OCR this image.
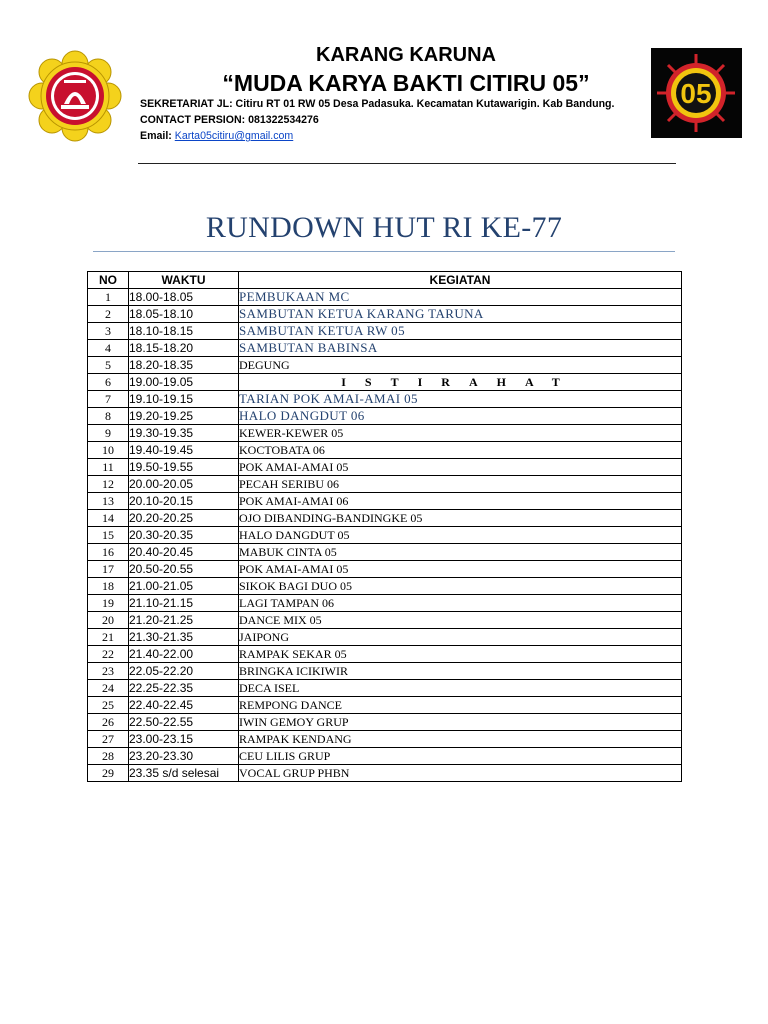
05
KARANG KARUNA
“MUDA KARYA BAKTI CITIRU 05”
SEKRETARIAT JL: Citiru RT 01 RW 05 Desa Padasuka. Kecamatan Kutawarigin. Kab Bandung.
CONTACT PERSION: 081322534276
Email: Karta05citiru@gmail.com
RUNDOWN HUT RI KE-77
NO	WAKTU	KEGIATAN
1	18.00-18.05	PEMBUKAAN MC
2	18.05-18.10	SAMBUTAN KETUA KARANG TARUNA
3	18.10-18.15	SAMBUTAN KETUA RW 05
4	18.15-18.20	SAMBUTAN BABINSA
5	18.20-18.35	DEGUNG
6	19.00-19.05	ISTIRAHAT
7	19.10-19.15	TARIAN POK AMAI-AMAI 05
8	19.20-19.25	HALO DANGDUT 06
9	19.30-19.35	KEWER-KEWER 05
10	19.40-19.45	KOCTOBATA 06
11	19.50-19.55	POK AMAI-AMAI 05
12	20.00-20.05	PECAH SERIBU 06
13	20.10-20.15	POK AMAI-AMAI 06
14	20.20-20.25	OJO DIBANDING-BANDINGKE 05
15	20.30-20.35	HALO DANGDUT 05
16	20.40-20.45	MABUK CINTA 05
17	20.50-20.55	POK AMAI-AMAI 05
18	21.00-21.05	SIKOK BAGI DUO 05
19	21.10-21.15	LAGI TAMPAN 06
20	21.20-21.25	DANCE MIX 05
21	21.30-21.35	JAIPONG
22	21.40-22.00	RAMPAK SEKAR 05
23	22.05-22.20	BRINGKA ICIKIWIR
24	22.25-22.35	DECA ISEL
25	22.40-22.45	REMPONG DANCE
26	22.50-22.55	IWIN GEMOY GRUP
27	23.00-23.15	RAMPAK KENDANG
28	23.20-23.30	CEU LILIS GRUP
29	23.35 s/d selesai	VOCAL GRUP PHBN
